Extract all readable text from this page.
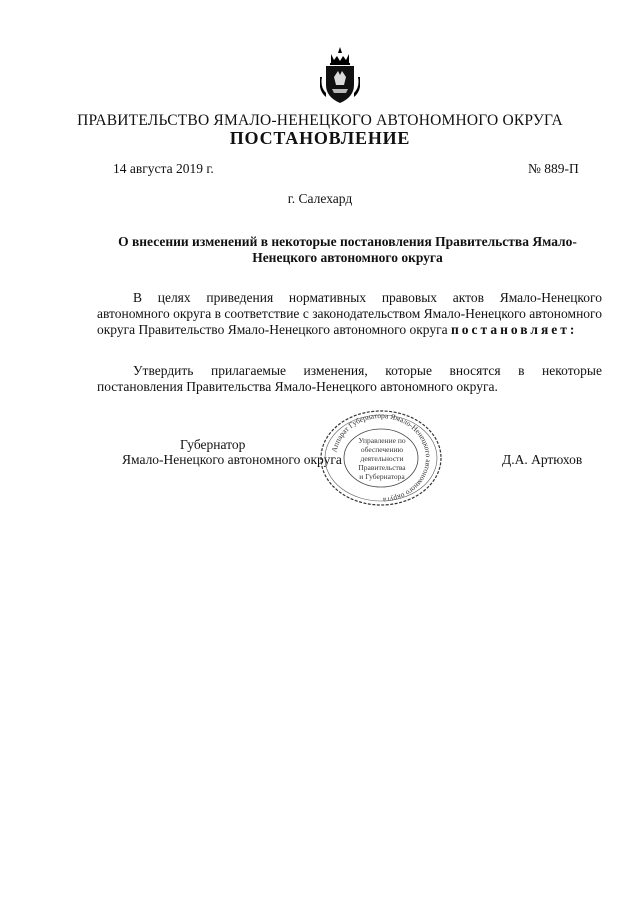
ПРАВИТЕЛЬСТВО ЯМАЛО-НЕНЕЦКОГО АВТОНОМНОГО ОКРУГА
ПОСТАНОВЛЕНИЕ
14 августа 2019 г.	№ 889-П
г. Салехард
О внесении изменений в некоторые постановления Правительства Ямало-Ненецкого автономного округа
В целях приведения нормативных правовых актов Ямало-Ненецкого автономного округа в соответствие с законодательством Ямало-Ненецкого автономного округа Правительство Ямало-Ненецкого автономного округа постановляет:
Утвердить прилагаемые изменения, которые вносятся в некоторые постановления Правительства Ямало-Ненецкого автономного округа.
Губернатор
Ямало-Ненецкого автономного округа	Д.А. Артюхов
Аппарат Губернатора Ямало-Ненецкого автономного округа
Управление по
обеспечению
деятельности
Правительства
и Губернатора
